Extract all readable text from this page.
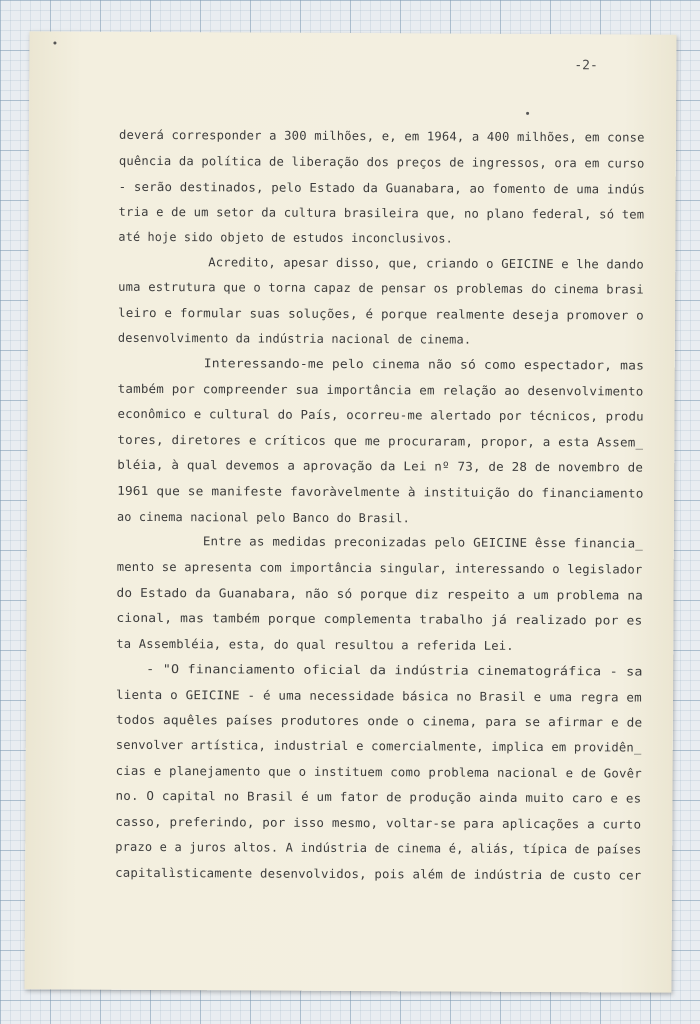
-2-
deverá corresponder a 300 milhões, e, em 1964, a 400 milhões, em conse
quência da política de liberação dos preços de ingressos, ora em curso
- serão destinados, pelo Estado da Guanabara, ao fomento de uma indús
tria e de um setor da cultura brasileira que, no plano federal, só tem
até hoje sido objeto de estudos inconclusivos.
Acredito, apesar disso, que, criando o GEICINE e lhe dando
uma estrutura que o torna capaz de pensar os problemas do cinema brasi
leiro e formular suas soluções, é porque realmente deseja promover o
desenvolvimento da indústria nacional de cinema.
Interessando-me pelo cinema não só como espectador, mas
também por compreender sua importância em relação ao desenvolvimento
econômico e cultural do País, ocorreu-me alertado por técnicos, produ
tores, diretores e críticos que me procuraram, propor, a esta Assem_
bléia, à qual devemos a aprovação da Lei nº 73, de 28 de novembro de
1961 que se manifeste favoràvelmente à instituição do financiamento
ao cinema nacional pelo Banco do Brasil.
Entre as medidas preconizadas pelo GEICINE êsse financia_
mento se apresenta com importância singular, interessando o legislador
do Estado da Guanabara, não só porque diz respeito a um problema na
cional, mas também porque complementa trabalho já realizado por es
ta Assembléia, esta, do qual resultou a referida Lei.
- "O financiamento oficial da indústria cinematográfica - sa
lienta o GEICINE - é uma necessidade básica no Brasil e uma regra em
todos aquêles países produtores onde o cinema, para se afirmar e de
senvolver artística, industrial e comercialmente, implica em providên_
cias e planejamento que o instituem como problema nacional e de Govêr
no. O capital no Brasil é um fator de produção ainda muito caro e es
casso, preferindo, por isso mesmo, voltar-se para aplicações a curto
prazo e a juros altos. A indústria de cinema é, aliás, típica de países
capitalìsticamente desenvolvidos, pois além de indústria de custo cer
